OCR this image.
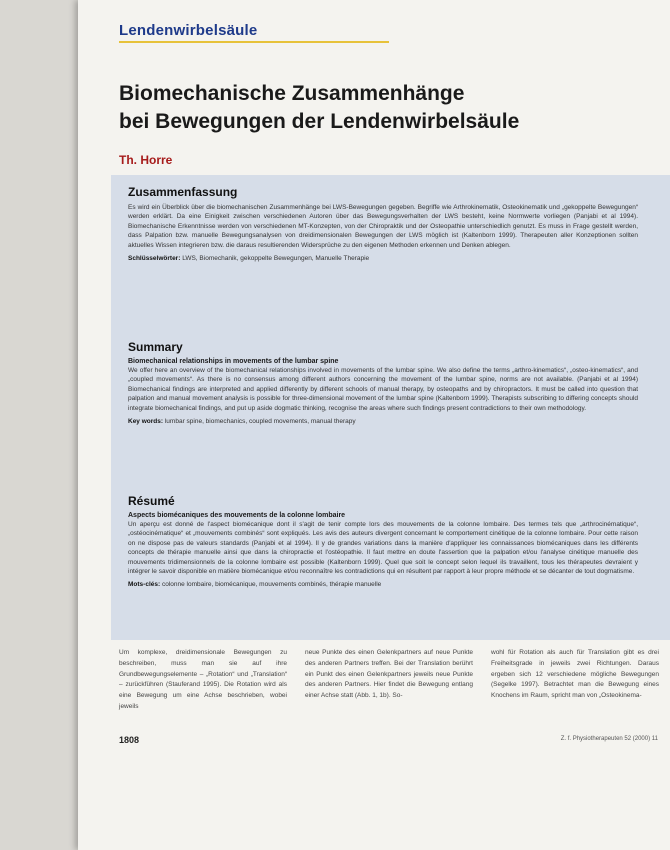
Lendenwirbelsäule
Biomechanische Zusammenhänge
bei Bewegungen der Lendenwirbelsäule
Th. Horre
Zusammenfassung

Es wird ein Überblick über die biomechanischen Zusammenhänge bei LWS-Bewegungen gegeben. Begriffe wie Arthrokinematik, Osteokinematik und „gekoppelte Bewegungen“ werden erklärt. Da eine Einigkeit zwischen verschiedenen Autoren über das Bewegungsverhalten der LWS besteht, keine Normwerte vorliegen (Panjabi et al 1994). Biomechanische Erkenntnisse werden von verschiedenen MT-Konzepten, von der Chiropraktik und der Osteopathie unterschiedlich genutzt. Es muss in Frage gestellt werden, dass Palpation bzw. manuelle Bewegungsanalysen von dreidimensionalen Bewegungen der LWS möglich ist (Kaltenborn 1999). Therapeuten aller Konzeptionen sollten aktuelles Wissen integrieren bzw. die daraus resultierenden Widersprüche zu den eigenen Methoden erkennen und Denken ablegen.

Schlüsselwörter: LWS, Biomechanik, gekoppelte Bewegungen, Manuelle Therapie
Summary
Biomechanical relationships in movements of the lumbar spine

We offer here an overview of the biomechanical relationships involved in movements of the lumbar spine. We also define the terms „arthro-kinematics“, „osteo-kinematics“, and „coupled movements“. As there is no consensus among different authors concerning the movement of the lumbar spine, norms are not available. (Panjabi et al 1994) Biomechanical findings are interpreted and applied differently by different schools of manual therapy, by osteopaths and by chiropractors. It must be called into question that palpation and manual movement analysis is possible for three-dimensional movement of the lumbar spine (Kaltenborn 1999). Therapists subscribing to differing concepts should integrate biomechanical findings, and put up aside dogmatic thinking, recognise the areas where such findings present contradictions to their own methodology.

Key words: lumbar spine, biomechanics, coupled movements, manual therapy
Résumé
Aspects biomécaniques des mouvements de la colonne lombaire

Un aperçu est donné de l'aspect biomécanique dont il s'agit de tenir compte lors des mouvements de la colonne lombaire. Des termes tels que „arthrocinématique“, „ostéocinématique“ et „mouvements combinés“ sont expliqués. Les avis des auteurs divergent concernant le comportement cinétique de la colonne lombaire. Pour cette raison on ne dispose pas de valeurs standards (Panjabi et al 1994). Il y de grandes variations dans la manière d'appliquer les connaissances biomécaniques dans les différents concepts de thérapie manuelle ainsi que dans la chiropractie et l'ostéopathie. Il faut mettre en doute l'assertion que la palpation et/ou l'analyse cinétique manuelle des mouvements tridimensionnels de la colonne lombaire est possible (Kaltenborn 1999). Quel que soit le concept selon lequel ils travaillent, tous les thérapeutes devraient y intégrer le savoir disponible en matière biomécanique et/ou reconnaître les contradictions qui en résultent par rapport à leur propre méthode et se décanter de tout dogmatisme.

Mots-clés: colonne lombaire, biomécanique, mouvements combinés, thérapie manuelle
Um komplexe, dreidimensionale Bewegungen zu beschreiben, muss man sie auf ihre Grundbewegungselemente – „Rotation“ und „Translation“ – zurückführen (Stauferand 1995). Die Rotation wird als eine Bewegung um eine Achse beschrieben, wobei jeweils
neue Punkte des einen Gelenkpartners auf neue Punkte des anderen Partners treffen. Bei der Translation berührt ein Punkt des einen Gelenkpartners jeweils neue Punkte des anderen Partners. Hier findet die Bewegung entlang einer Achse statt (Abb. 1, 1b). So-
wohl für Rotation als auch für Translation gibt es drei Freiheitsgrade in jeweils zwei Richtungen. Daraus ergeben sich 12 verschiedene mögliche Bewegungen (Segelke 1997). Betrachtet man die Bewegung eines Knochens im Raum, spricht man von „Osteokinema-
1808	Z. f. Physiotherapeuten 52 (2000) 11
